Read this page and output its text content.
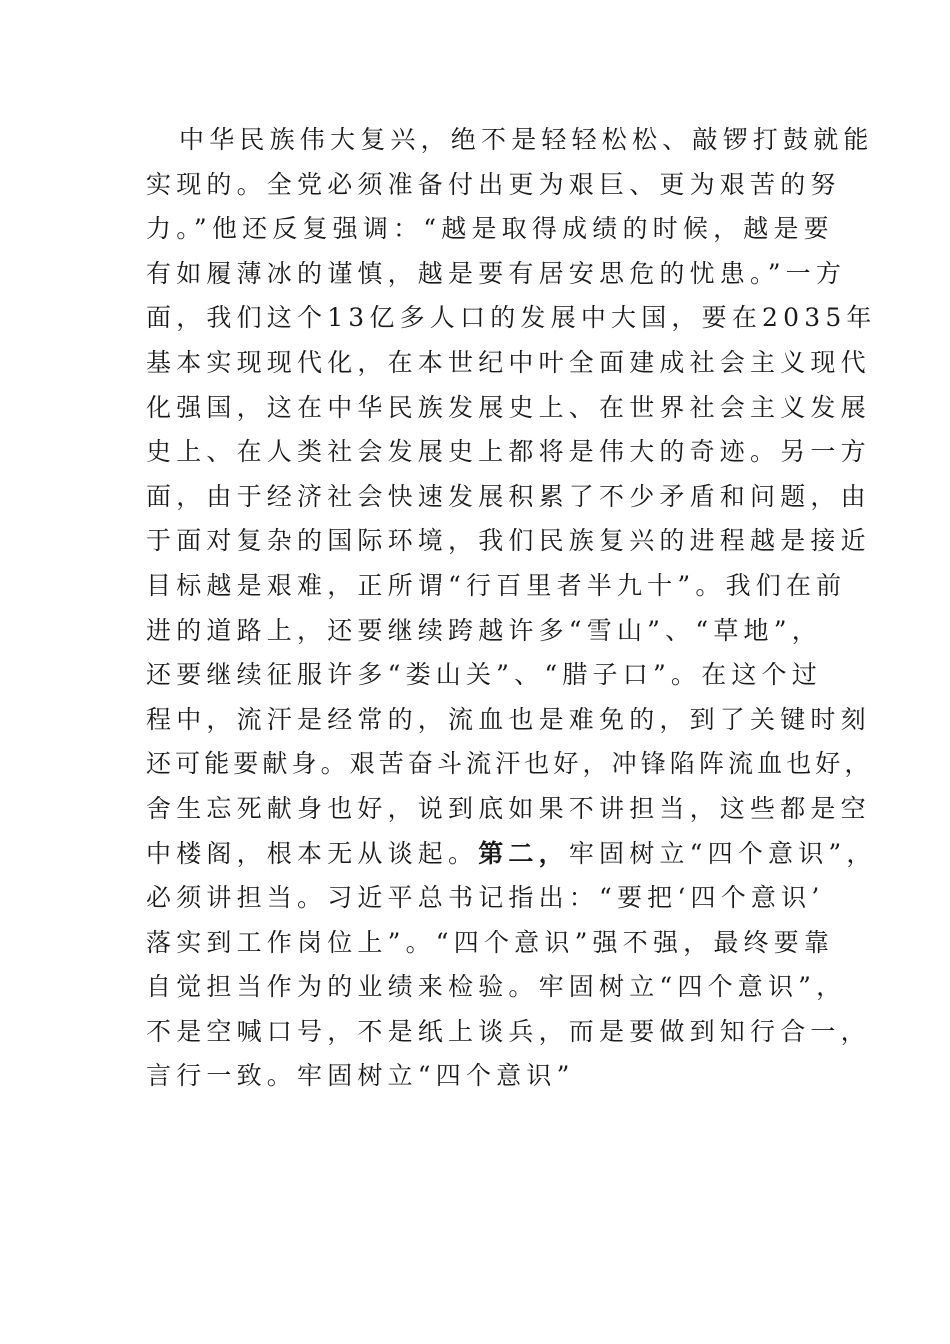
中华民族伟大复兴，绝不是轻轻松松、敲锣打鼓就能
实现的。全党必须准备付出更为艰巨、更为艰苦的努
力。”他还反复强调：“越是取得成绩的时候，越是要
有如履薄冰的谨慎，越是要有居安思危的忧患。”一方
面，我们这个13亿多人口的发展中大国，要在2035年
基本实现现代化，在本世纪中叶全面建成社会主义现代
化强国，这在中华民族发展史上、在世界社会主义发展
史上、在人类社会发展史上都将是伟大的奇迹。另一方
面，由于经济社会快速发展积累了不少矛盾和问题，由
于面对复杂的国际环境，我们民族复兴的进程越是接近
目标越是艰难，正所谓“行百里者半九十”。我们在前
进的道路上，还要继续跨越许多“雪山”、“草地”，
还要继续征服许多“娄山关”、“腊子口”。在这个过
程中，流汗是经常的，流血也是难免的，到了关键时刻
还可能要献身。艰苦奋斗流汗也好，冲锋陷阵流血也好，
舍生忘死献身也好，说到底如果不讲担当，这些都是空
中楼阁，根本无从谈起。第二，牢固树立“四个意识”，
必须讲担当。习近平总书记指出：“要把‘四个意识’
落实到工作岗位上”。“四个意识”强不强，最终要靠
自觉担当作为的业绩来检验。牢固树立“四个意识”，
不是空喊口号，不是纸上谈兵，而是要做到知行合一，
言行一致。牢固树立“四个意识”
